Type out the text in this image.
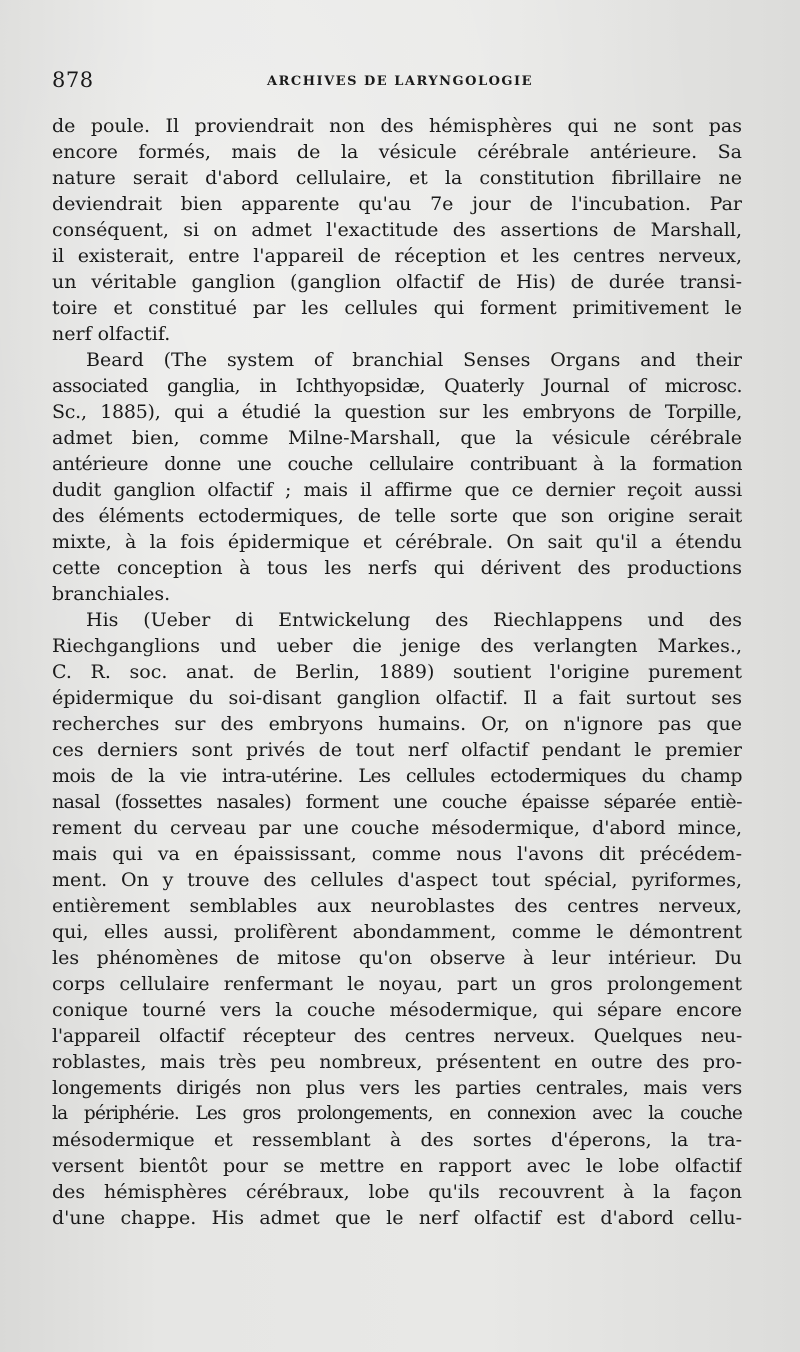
878	ARCHIVES DE LARYNGOLOGIE
de poule. Il proviendrait non des hémisphères qui ne sont pas
encore formés, mais de la vésicule cérébrale antérieure. Sa
nature serait d'abord cellulaire, et la constitution fibrillaire ne
deviendrait bien apparente qu'au 7e jour de l'incubation. Par
conséquent, si on admet l'exactitude des assertions de Marshall,
il existerait, entre l'appareil de réception et les centres nerveux,
un véritable ganglion (ganglion olfactif de His) de durée transi-
toire et constitué par les cellules qui forment primitivement le
nerf olfactif.
Beard (The system of branchial Senses Organs and their
associated ganglia, in Ichthyopsidæ, Quaterly Journal of microsc.
Sc., 1885), qui a étudié la question sur les embryons de Torpille,
admet bien, comme Milne-Marshall, que la vésicule cérébrale
antérieure donne une couche cellulaire contribuant à la formation
dudit ganglion olfactif ; mais il affirme que ce dernier reçoit aussi
des éléments ectodermiques, de telle sorte que son origine serait
mixte, à la fois épidermique et cérébrale. On sait qu'il a étendu
cette conception à tous les nerfs qui dérivent des productions
branchiales.
His (Ueber di Entwickelung des Riechlappens und des
Riechganglions und ueber die jenige des verlangten Markes.,
C. R. soc. anat. de Berlin, 1889) soutient l'origine purement
épidermique du soi-disant ganglion olfactif. Il a fait surtout ses
recherches sur des embryons humains. Or, on n'ignore pas que
ces derniers sont privés de tout nerf olfactif pendant le premier
mois de la vie intra-utérine. Les cellules ectodermiques du champ
nasal (fossettes nasales) forment une couche épaisse séparée entiè-
rement du cerveau par une couche mésodermique, d'abord mince,
mais qui va en épaississant, comme nous l'avons dit précédem-
ment. On y trouve des cellules d'aspect tout spécial, pyriformes,
entièrement semblables aux neuroblastes des centres nerveux,
qui, elles aussi, prolifèrent abondamment, comme le démontrent
les phénomènes de mitose qu'on observe à leur intérieur. Du
corps cellulaire renfermant le noyau, part un gros prolongement
conique tourné vers la couche mésodermique, qui sépare encore
l'appareil olfactif récepteur des centres nerveux. Quelques neu-
roblastes, mais très peu nombreux, présentent en outre des pro-
longements dirigés non plus vers les parties centrales, mais vers
la périphérie. Les gros prolongements, en connexion avec la couche
mésodermique et ressemblant à des sortes d'éperons, la tra-
versent bientôt pour se mettre en rapport avec le lobe olfactif
des hémisphères cérébraux, lobe qu'ils recouvrent à la façon
d'une chappe. His admet que le nerf olfactif est d'abord cellu-
